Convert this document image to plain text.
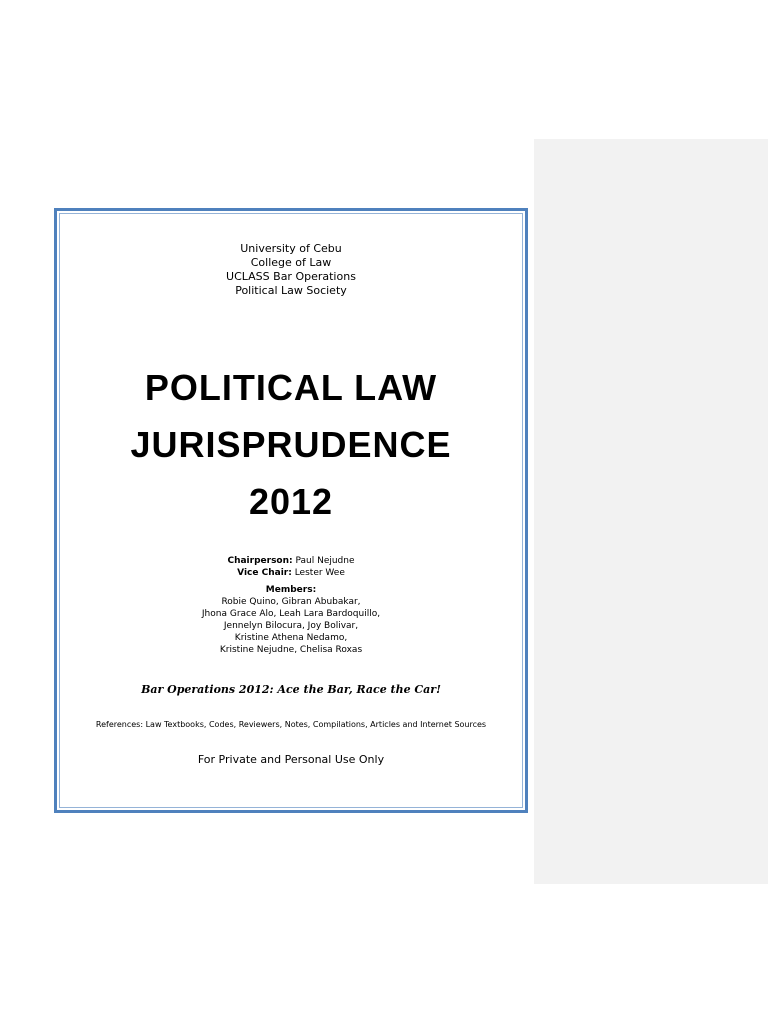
University of Cebu
College of Law
UCLASS Bar Operations
Political Law Society
POLITICAL LAW
JURISPRUDENCE
2012
Chairperson: Paul Nejudne
Vice Chair: Lester Wee
Members:
Robie Quino, Gibran Abubakar,
Jhona Grace Alo, Leah Lara Bardoquillo,
Jennelyn Bilocura, Joy Bolivar,
Kristine Athena Nedamo,
Kristine Nejudne, Chelisa Roxas
Bar Operations 2012: Ace the Bar, Race the Car!
References: Law Textbooks, Codes, Reviewers, Notes, Compilations, Articles and Internet Sources
For Private and Personal Use Only
